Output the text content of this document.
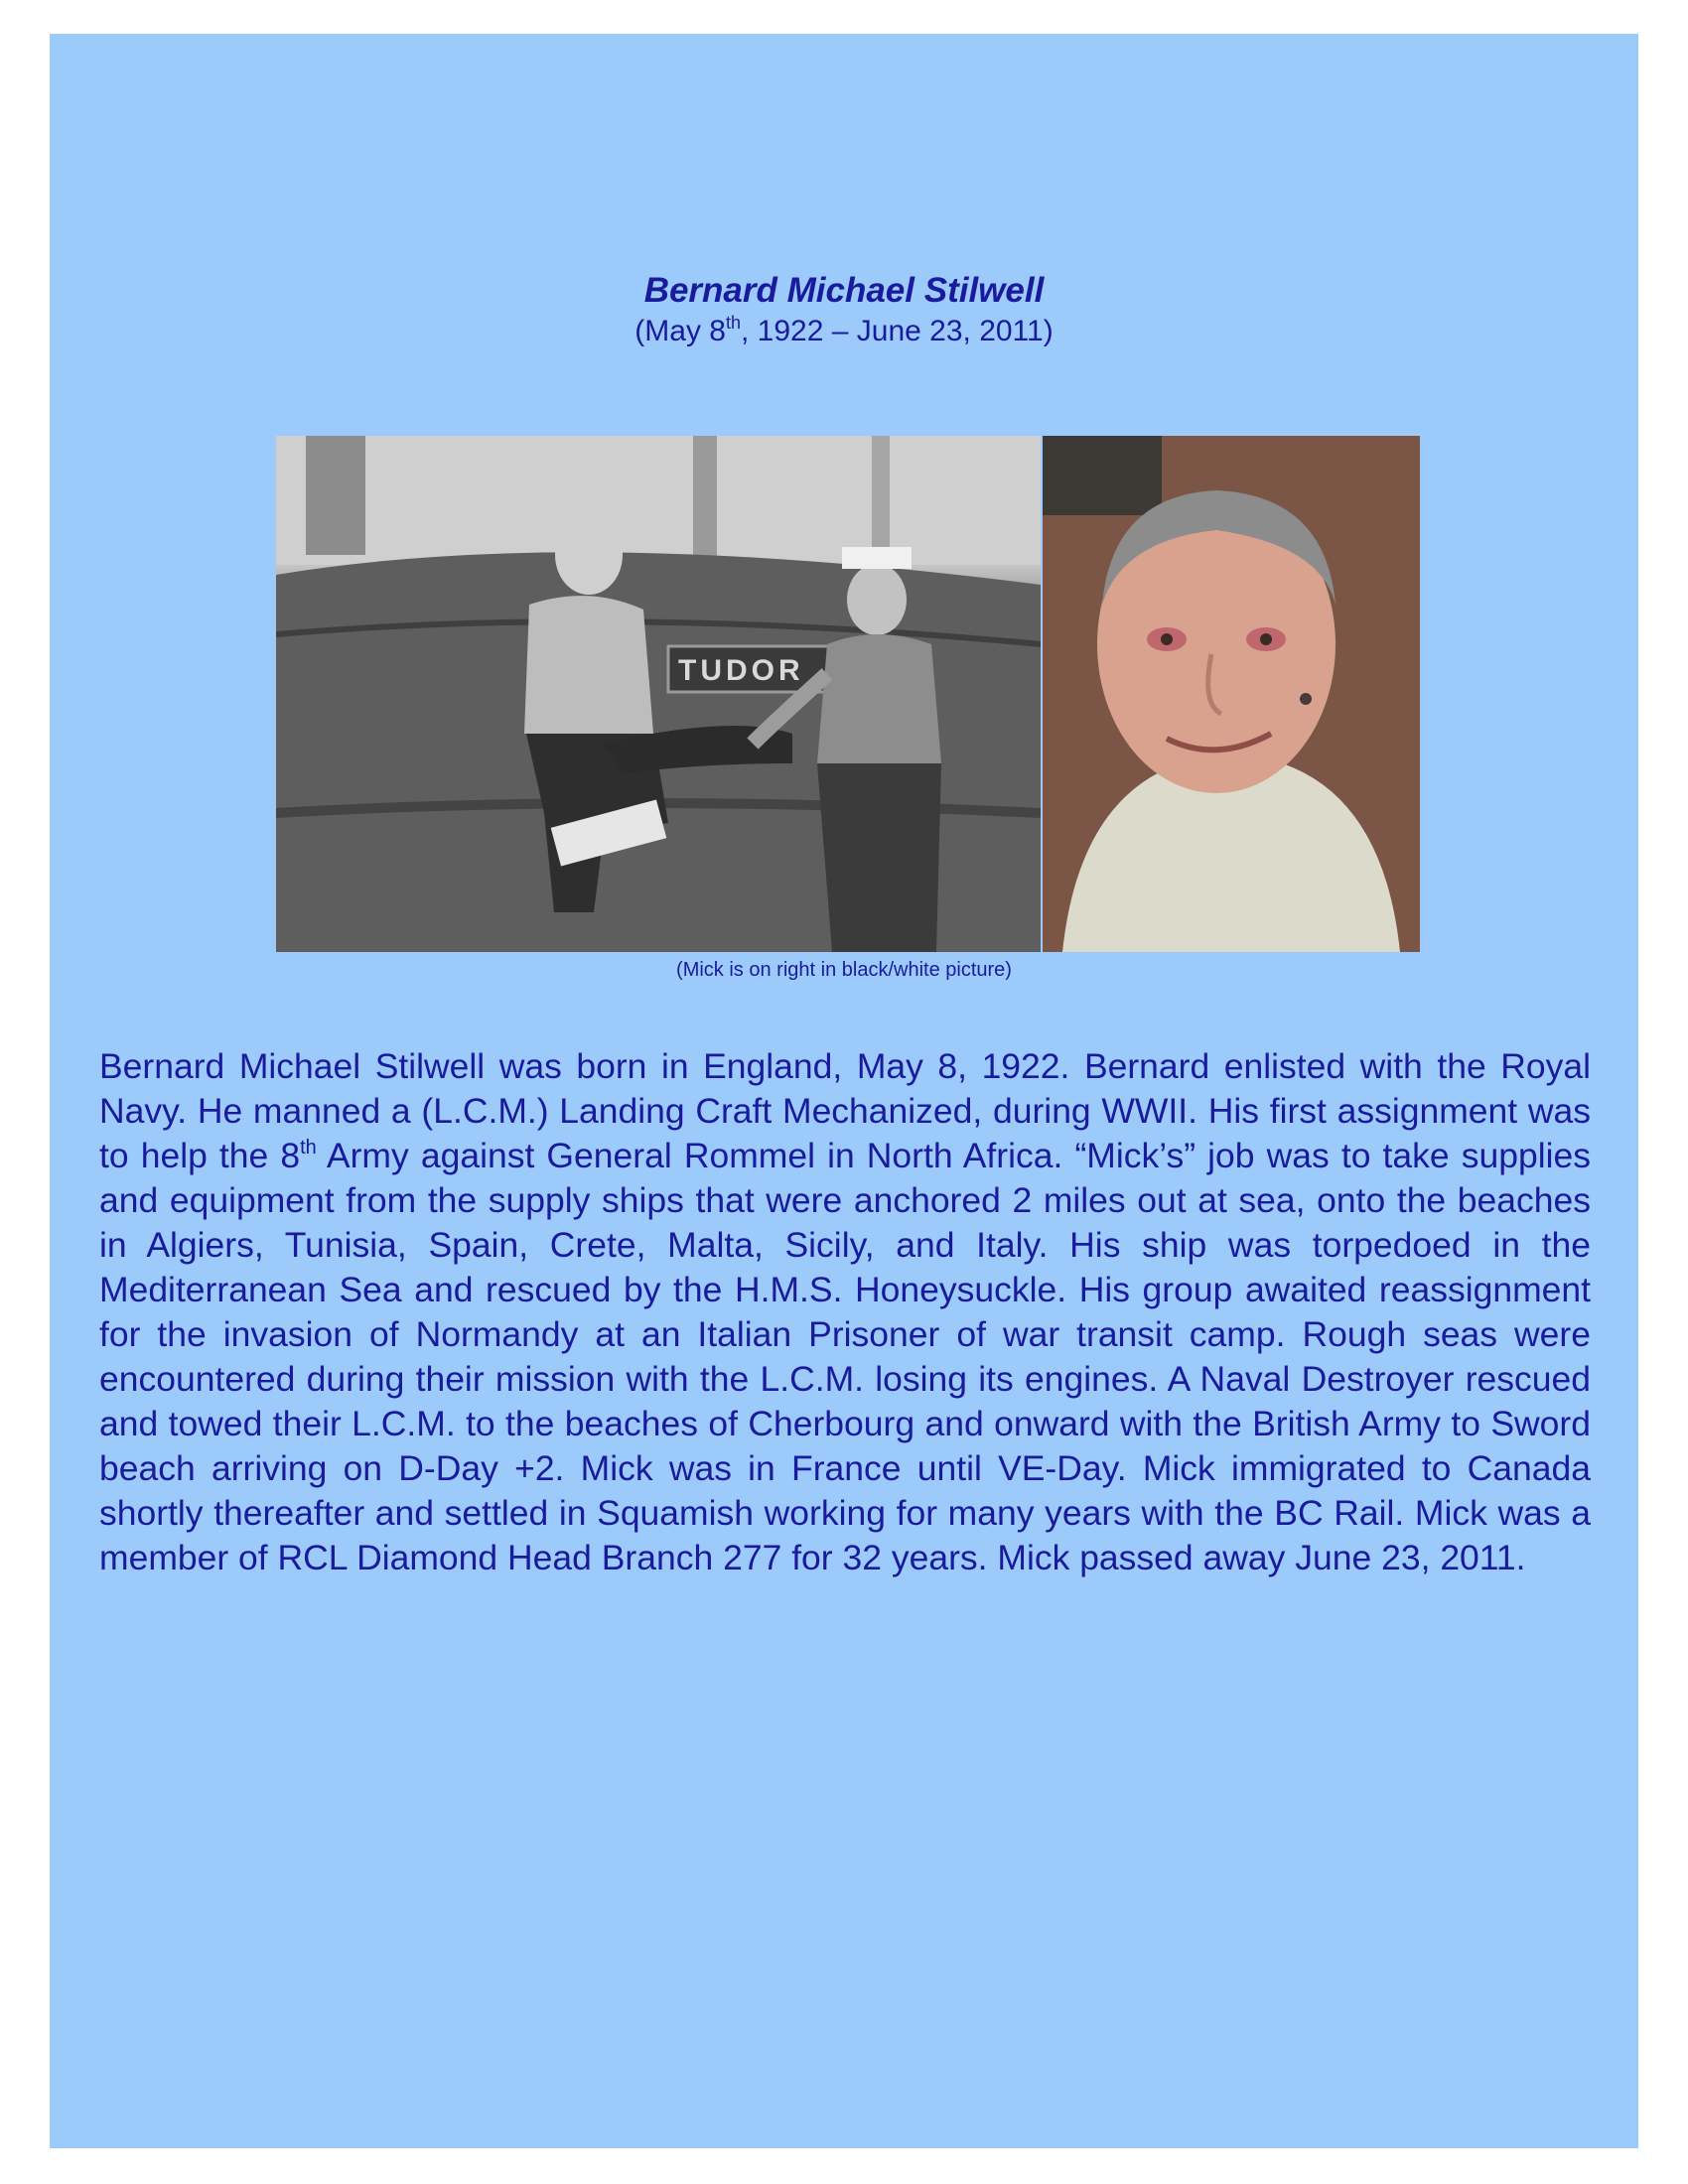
Bernard Michael Stilwell
(May 8th, 1922 – June 23, 2011)
TUDOR
(Mick is on right in black/white picture)
Bernard Michael Stilwell was born in England, May 8, 1922. Bernard enlisted with the Royal Navy. He manned a (L.C.M.) Landing Craft Mechanized, during WWII. His first assignment was to help the 8th Army against General Rommel in North Africa. “Mick’s” job was to take supplies and equipment from the supply ships that were anchored 2 miles out at sea, onto the beaches in Algiers, Tunisia, Spain, Crete, Malta, Sicily, and Italy. His ship was torpedoed in the Mediterranean Sea and rescued by the H.M.S. Honeysuckle. His group awaited reassignment for the invasion of Normandy at an Italian Prisoner of war transit camp. Rough seas were encountered during their mission with the L.C.M. losing its engines. A Naval Destroyer rescued and towed their L.C.M. to the beaches of Cherbourg and onward with the British Army to Sword beach arriving on D-Day +2. Mick was in France until VE-Day. Mick immigrated to Canada shortly thereafter and settled in Squamish working for many years with the BC Rail. Mick was a member of RCL Diamond Head Branch 277 for 32 years. Mick passed away June 23, 2011.
